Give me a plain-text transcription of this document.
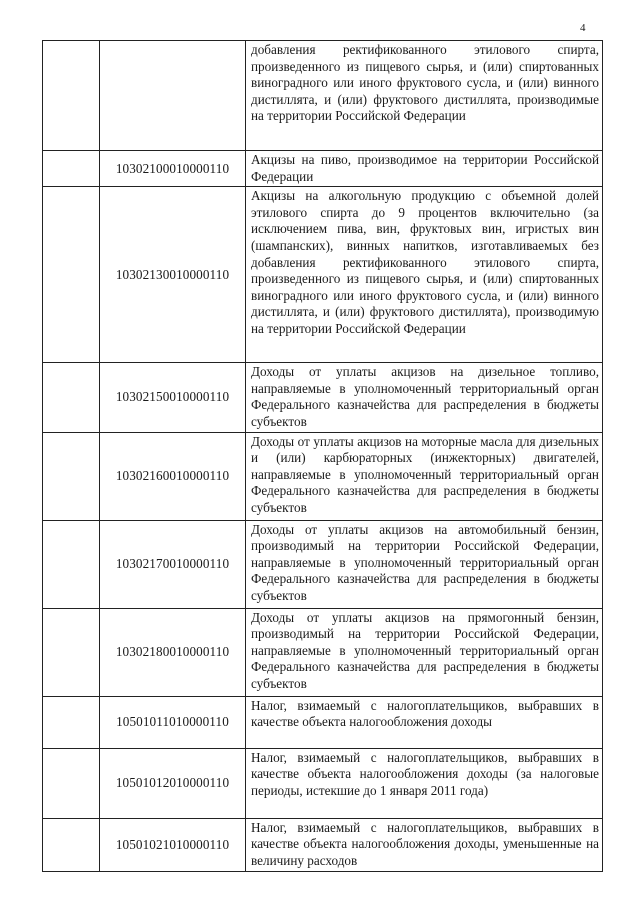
4
		добавления ректификованного этилового спирта, произведенного из пищевого сырья, и (или) спиртованных виноградного или иного фруктового сусла, и (или) винного дистиллята, и (или) фруктового дистиллята, производимые на территории Российской Федерации
	10302100010000110	Акцизы на пиво, производимое на территории Российской Федерации
	10302130010000110	Акцизы на алкогольную продукцию с объемной долей этилового спирта до 9 процентов включительно (за исключением пива, вин, фруктовых вин, игристых вин (шампанских), винных напитков, изготавливаемых без добавления ректификованного этилового спирта, произведенного из пищевого сырья, и (или) спиртованных виноградного или иного фруктового сусла, и (или) винного дистиллята, и (или) фруктового дистиллята), производимую на территории Российской Федерации
	10302150010000110	Доходы от уплаты акцизов на дизельное топливо, направляемые в уполномоченный территориальный орган Федерального казначейства для распределения в бюджеты субъектов
	10302160010000110	Доходы от уплаты акцизов на моторные масла для дизельных и (или) карбюраторных (инжекторных) двигателей, направляемые в уполномоченный территориальный орган Федерального казначейства для распределения в бюджеты субъектов
	10302170010000110	Доходы от уплаты акцизов на автомобильный бензин, производимый на территории Российской Федерации, направляемые в уполномоченный территориальный орган Федерального казначейства для распределения в бюджеты субъектов
	10302180010000110	Доходы от уплаты акцизов на прямогонный бензин, производимый на территории Российской Федерации, направляемые в уполномоченный территориальный орган Федерального казначейства для распределения в бюджеты субъектов
	10501011010000110	Налог, взимаемый с налогоплательщиков, выбравших в качестве объекта налогообложения доходы
	10501012010000110	Налог, взимаемый с налогоплательщиков, выбравших в качестве объекта налогообложения доходы (за налоговые периоды, истекшие до 1 января 2011 года)
	10501021010000110	Налог, взимаемый с налогоплательщиков, выбравших в качестве объекта налогообложения доходы, уменьшенные на величину расходов
